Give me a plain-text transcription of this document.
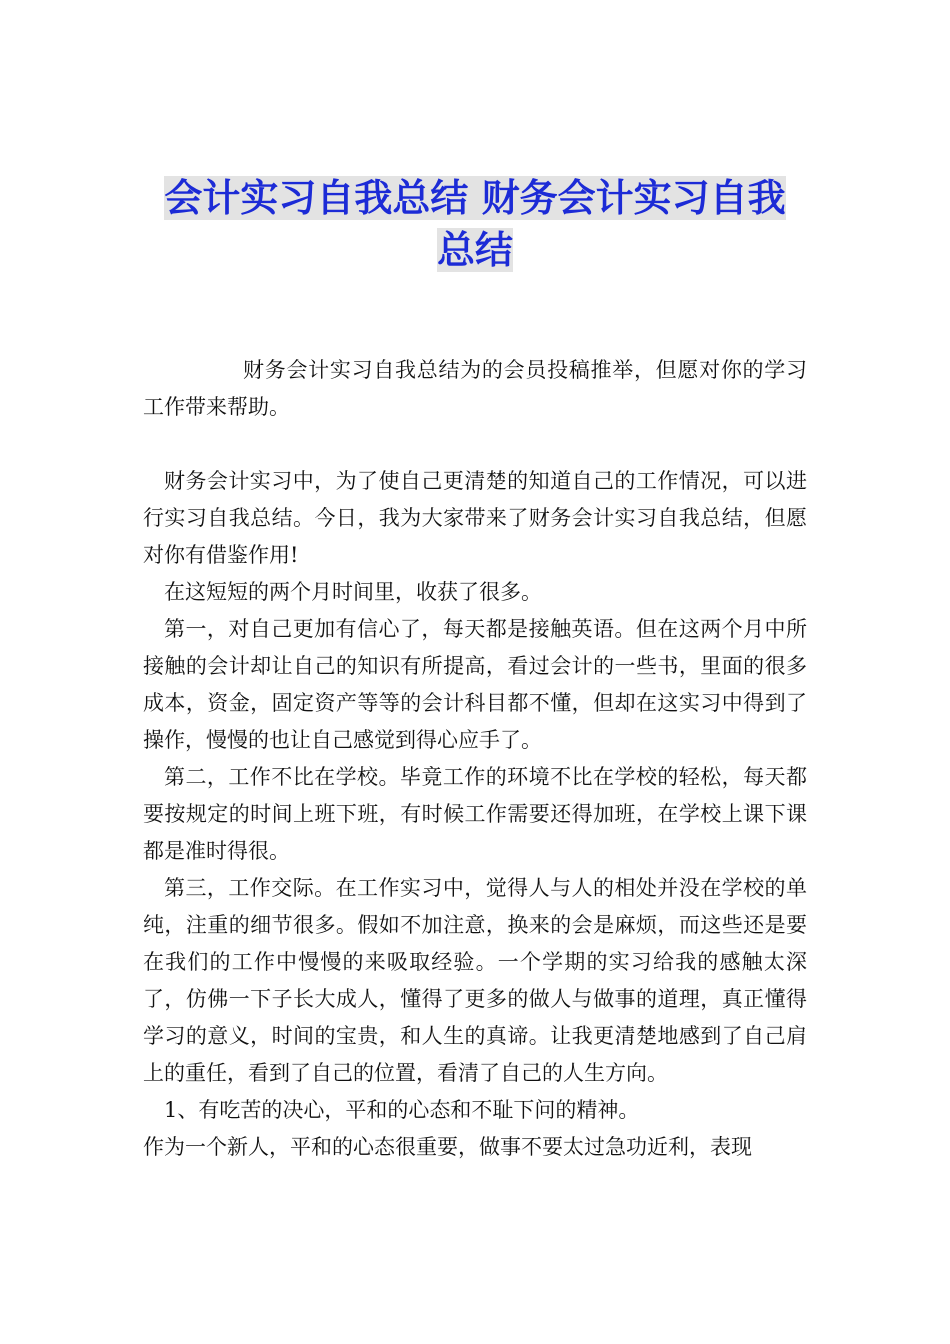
会计实习自我总结 财务会计实习自我
总结

财务会计实习自我总结为的会员投稿推举，但愿对你的学习工作带来帮助。

财务会计实习中，为了使自己更清楚的知道自己的工作情况，可以进行实习自我总结。今日，我为大家带来了财务会计实习自我总结，但愿对你有借鉴作用!

在这短短的两个月时间里，收获了很多。

第一，对自己更加有信心了，每天都是接触英语。但在这两个月中所接触的会计却让自己的知识有所提高，看过会计的一些书，里面的很多成本，资金，固定资产等等的会计科目都不懂，但却在这实习中得到了操作，慢慢的也让自己感觉到得心应手了。

第二，工作不比在学校。毕竟工作的环境不比在学校的轻松，每天都要按规定的时间上班下班，有时候工作需要还得加班，在学校上课下课都是准时得很。

第三，工作交际。在工作实习中，觉得人与人的相处并没在学校的单纯，注重的细节很多。假如不加注意，换来的会是麻烦，而这些还是要在我们的工作中慢慢的来吸取经验。一个学期的实习给我的感触太深了，仿佛一下子长大成人，懂得了更多的做人与做事的道理，真正懂得学习的意义，时间的宝贵，和人生的真谛。让我更清楚地感到了自己肩上的重任，看到了自己的位置，看清了自己的人生方向。

1、有吃苦的决心，平和的心态和不耻下问的精神。

作为一个新人，平和的心态很重要，做事不要太过急功近利，表现
